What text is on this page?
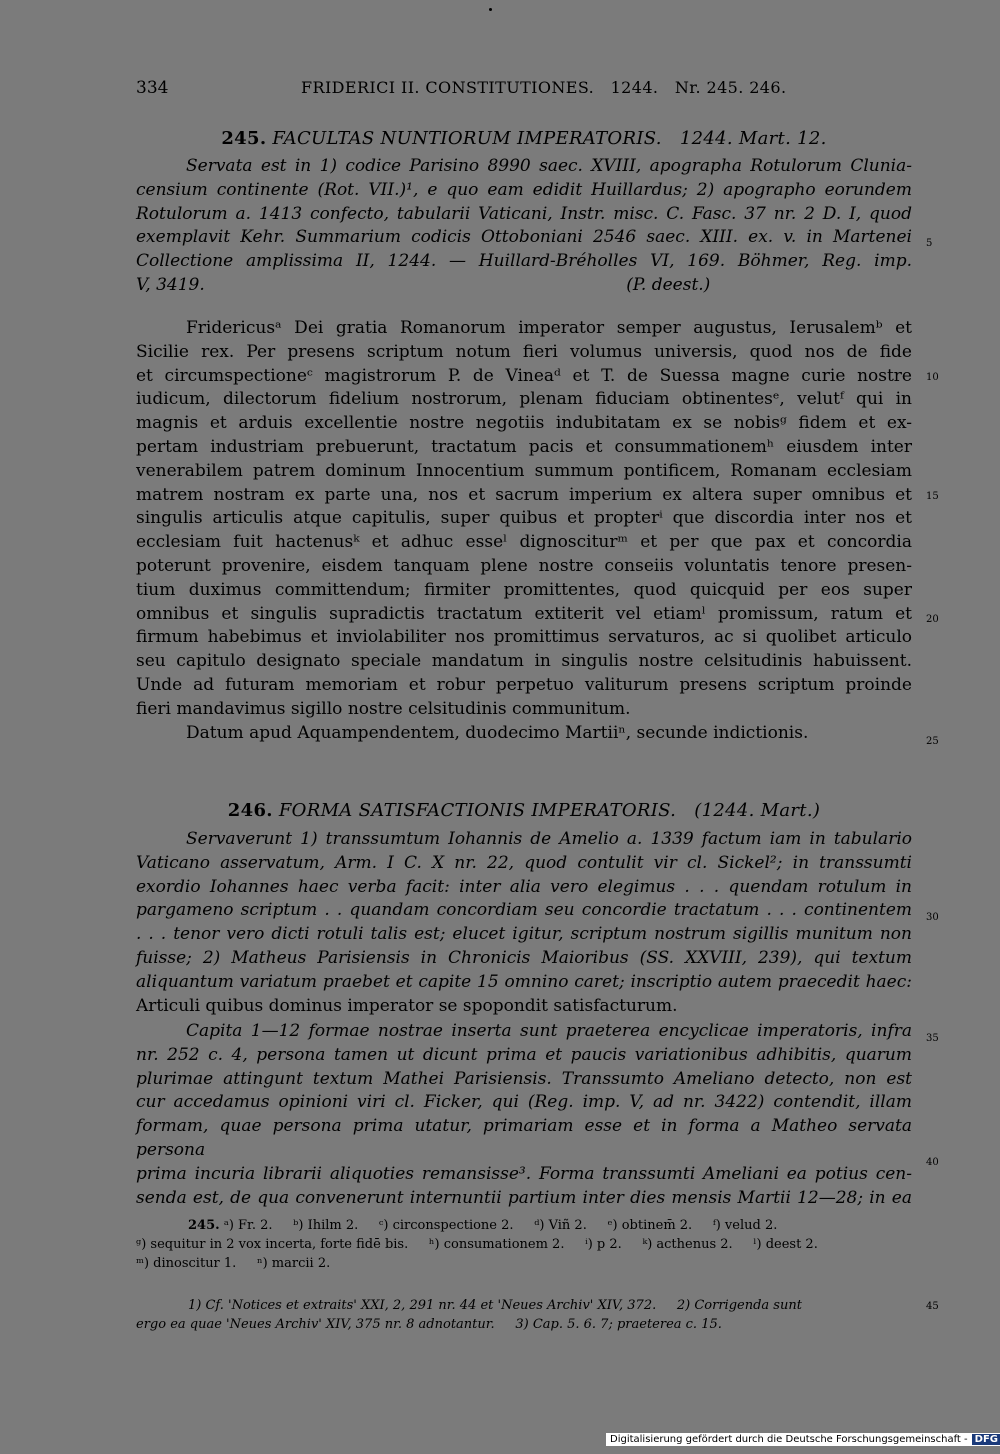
334	FRIDERICI II. CONSTITUTIONES.   1244.   Nr. 245. 246.
245. FACULTAS NUNTIORUM IMPERATORIS.   1244. Mart. 12.
Servata est in 1) codice Parisino 8990 saec. XVIII, apographa Rotulorum Clunia-
censium continente (Rot. VII.)¹, e quo eam edidit Huillardus; 2) apographo eorundem
Rotulorum a. 1413 confecto, tabularii Vaticani, Instr. misc. C. Fasc. 37 nr. 2 D. I, quod
exemplavit Kehr. Summarium codicis Ottoboniani 2546 saec. XIII. ex. v. in Martenei
Collectione amplissima II, 1244. — Huillard-Bréholles VI, 169. Böhmer, Reg. imp.
V, 3419.                                                                              (P. deest.)
Fridericusᵃ Dei gratia Romanorum imperator semper augustus, Ierusalemᵇ et
Sicilie rex. Per presens scriptum notum fieri volumus universis, quod nos de fide
et circumspectioneᶜ magistrorum P. de Vineaᵈ et T. de Suessa magne curie nostre
iudicum, dilectorum fidelium nostrorum, plenam fiduciam obtinentesᵉ, velutᶠ qui in
magnis et arduis excellentie nostre negotiis indubitatam ex se nobisᵍ fidem et ex-
pertam industriam prebuerunt, tractatum pacis et consummationemʰ eiusdem inter
venerabilem patrem dominum Innocentium summum pontificem, Romanam ecclesiam
matrem nostram ex parte una, nos et sacrum imperium ex altera super omnibus et
singulis articulis atque capitulis, super quibus et propterⁱ que discordia inter nos et
ecclesiam fuit hactenusᵏ et adhuc esseˡ dignosciturᵐ et per que pax et concordia
poterunt provenire, eisdem tanquam plene nostre conseiis voluntatis tenore presen-
tium duximus committendum; firmiter promittentes, quod quicquid per eos super
omnibus et singulis supradictis tractatum extiterit vel etiamˡ promissum, ratum et
firmum habebimus et inviolabiliter nos promittimus servaturos, ac si quolibet articulo
seu capitulo designato speciale mandatum in singulis nostre celsitudinis habuissent.
Unde ad futuram memoriam et robur perpetuo valiturum presens scriptum proinde
fieri mandavimus sigillo nostre celsitudinis communitum.
Datum apud Aquampendentem, duodecimo Martiiⁿ, secunde indictionis.
246. FORMA SATISFACTIONIS IMPERATORIS.   (1244. Mart.)
Servaverunt 1) transsumtum Iohannis de Amelio a. 1339 factum iam in tabulario
Vaticano asservatum, Arm. I C. X nr. 22, quod contulit vir cl. Sickel²; in transsumti
exordio Iohannes haec verba facit: inter alia vero elegimus . . . quendam rotulum in
pargameno scriptum . . quandam concordiam seu concordie tractatum . . . continentem
. . . tenor vero dicti rotuli talis est; elucet igitur, scriptum nostrum sigillis munitum non
fuisse; 2) Matheus Parisiensis in Chronicis Maioribus (SS. XXVIII, 239), qui textum
aliquantum variatum praebet et capite 15 omnino caret; inscriptio autem praecedit haec:
Articuli quibus dominus imperator se spopondit satisfacturum.
Capita 1—12 formae nostrae inserta sunt praeterea encyclicae imperatoris, infra
nr. 252 c. 4, persona tamen ut dicunt prima et paucis variationibus adhibitis, quarum
plurimae attingunt textum Mathei Parisiensis. Transsumto Ameliano detecto, non est
cur accedamus opinioni viri cl. Ficker, qui (Reg. imp. V, ad nr. 3422) contendit, illam
formam, quae persona prima utatur, primariam esse et in forma a Matheo servata persona
prima incuria librarii aliquoties remansisse³. Forma transsumti Ameliani ea potius cen-
senda est, de qua convenerunt internuntii partium inter dies mensis Martii 12—28; in ea
245. ᵃ) Fr. 2.     ᵇ) Ihilm 2.     ᶜ) circonspectione 2.     ᵈ) Viñ 2.     ᵉ) obtinem̄ 2.     ᶠ) velud 2.
ᵍ) sequitur in 2 vox incerta, forte fidē bis.     ʰ) consumationem 2.     ⁱ) p 2.     ᵏ) acthenus 2.     ˡ) deest 2.
ᵐ) dinoscitur 1.     ⁿ) marcii 2.
1) Cf. 'Notices et extraits' XXI, 2, 291 nr. 44 et 'Neues Archiv' XIV, 372.     2) Corrigenda sunt
ergo ea quae 'Neues Archiv' XIV, 375 nr. 8 adnotantur.     3) Cap. 5. 6. 7; praeterea c. 15.
5
10
15
20
25
30
35
40
45
Digitalisierung gefördert durch die Deutsche Forschungsgemeinschaft - DFG
